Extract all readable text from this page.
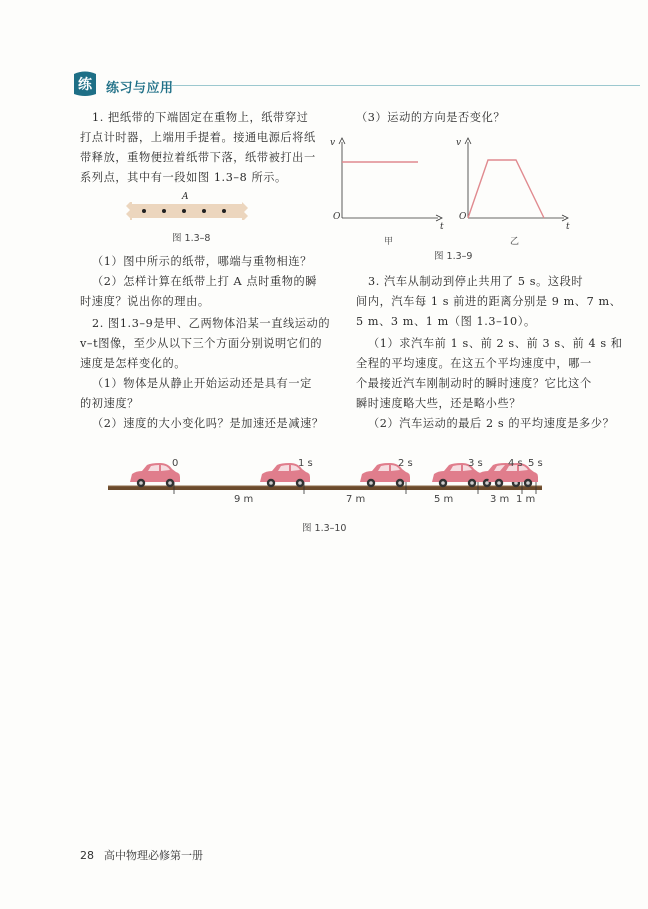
练 练习与应用
1. 把纸带的下端固定在重物上，纸带穿过
打点计时器，上端用手提着。接通电源后将纸
带释放，重物便拉着纸带下落，纸带被打出一
系列点，其中有一段如图 1.3–8 所示。
A
图 1.3–8
（1）图中所示的纸带，哪端与重物相连？
（2）怎样计算在纸带上打 A 点时重物的瞬
时速度？说出你的理由。
2. 图1.3–9是甲、乙两物体沿某一直线运动的
v–t图像，至少从以下三个方面分别说明它们的
速度是怎样变化的。
（1）物体是从静止开始运动还是具有一定
的初速度？
（2）速度的大小变化吗？是加速还是减速？
（3）运动的方向是否变化？
v
t
O
甲
v
t
O
乙
图 1.3–9
3. 汽车从制动到停止共用了 5 s。这段时
间内，汽车每 1 s 前进的距离分别是 9 m、7 m、
5 m、3 m、1 m（图 1.3–10）。
（1）求汽车前 1 s、前 2 s、前 3 s、前 4 s 和
全程的平均速度。在这五个平均速度中，哪一
个最接近汽车刚制动时的瞬时速度？它比这个
瞬时速度略大些，还是略小些？
（2）汽车运动的最后 2 s 的平均速度是多少？
0	1 s	2 s	3 s	4 s 5 s
9 m	7 m	5 m	3 m 1 m
图 1.3–10
28 高中物理必修第一册
